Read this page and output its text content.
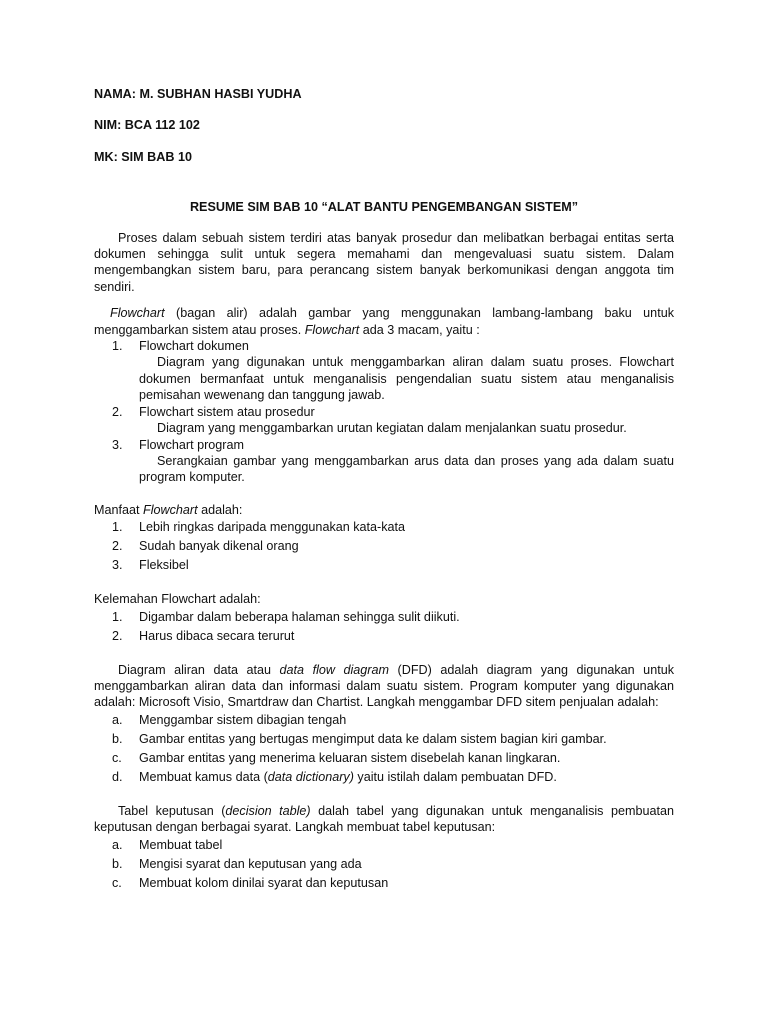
NAMA: M. SUBHAN HASBI YUDHA

NIM: BCA 112 102

MK: SIM BAB 10

RESUME SIM BAB 10 “ALAT BANTU PENGEMBANGAN SISTEM”

Proses dalam sebuah sistem terdiri atas banyak prosedur dan melibatkan berbagai entitas serta dokumen sehingga sulit untuk segera memahami dan mengevaluasi suatu sistem. Dalam mengembangkan sistem baru, para perancang sistem banyak berkomunikasi dengan anggota tim sendiri.

Flowchart (bagan alir) adalah gambar yang menggunakan lambang-lambang baku untuk menggambarkan sistem atau proses. Flowchart ada 3 macam, yaitu :

1.	Flowchart dokumen

Diagram yang digunakan untuk menggambarkan aliran dalam suatu proses. Flowchart dokumen bermanfaat untuk menganalisis pengendalian suatu sistem atau menganalisis pemisahan wewenang dan tanggung jawab.

2.	Flowchart sistem atau prosedur

Diagram yang menggambarkan urutan kegiatan dalam menjalankan suatu prosedur.

3.	Flowchart program

Serangkaian gambar yang menggambarkan arus data dan proses yang ada dalam suatu program komputer.

Manfaat Flowchart adalah:

1.	Lebih ringkas daripada menggunakan kata-kata
2.	Sudah banyak dikenal orang
3.	Fleksibel

Kelemahan Flowchart adalah:

1.	Digambar dalam beberapa halaman sehingga sulit diikuti.
2.	Harus dibaca secara terurut

Diagram aliran data atau data flow diagram (DFD) adalah diagram yang digunakan untuk menggambarkan aliran data dan informasi dalam suatu sistem. Program komputer yang digunakan adalah: Microsoft Visio, Smartdraw dan Chartist. Langkah menggambar DFD sitem penjualan adalah:

a.	Menggambar sistem dibagian tengah
b.	Gambar entitas yang bertugas mengimput data ke dalam sistem bagian kiri gambar.
c.	Gambar entitas yang menerima keluaran sistem disebelah kanan lingkaran.
d.	Membuat kamus data (data dictionary) yaitu istilah dalam pembuatan DFD.

Tabel keputusan (decision table) dalah tabel yang digunakan untuk menganalisis pembuatan keputusan dengan berbagai syarat. Langkah membuat tabel keputusan:

a.	Membuat tabel
b.	Mengisi syarat dan keputusan yang ada
c.	Membuat kolom dinilai syarat dan keputusan
